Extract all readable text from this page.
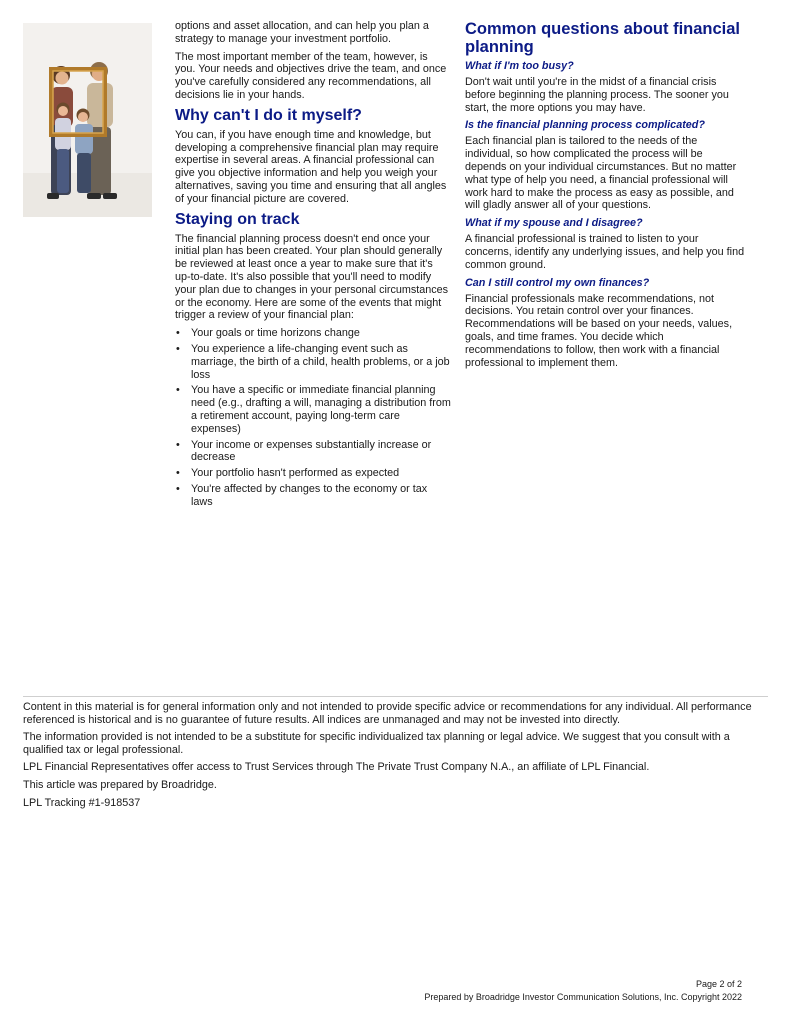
options and asset allocation, and can help you plan a strategy to manage your investment portfolio.

The most important member of the team, however, is you. Your needs and objectives drive the team, and once you've carefully considered any recommendations, all decisions lie in your hands.

Why can't I do it myself?

You can, if you have enough time and knowledge, but developing a comprehensive financial plan may require expertise in several areas. A financial professional can give you objective information and help you weigh your alternatives, saving you time and ensuring that all angles of your financial picture are covered.

Staying on track

The financial planning process doesn't end once your initial plan has been created. Your plan should generally be reviewed at least once a year to make sure that it's up-to-date. It's also possible that you'll need to modify your plan due to changes in your personal circumstances or the economy. Here are some of the events that might trigger a review of your financial plan:

• Your goals or time horizons change
• You experience a life-changing event such as marriage, the birth of a child, health problems, or a job loss
• You have a specific or immediate financial planning need (e.g., drafting a will, managing a distribution from a retirement account, paying long-term care expenses)
• Your income or expenses substantially increase or decrease
• Your portfolio hasn't performed as expected
• You're affected by changes to the economy or tax laws
Common questions about financial planning
What if I'm too busy?

Don't wait until you're in the midst of a financial crisis before beginning the planning process. The sooner you start, the more options you may have.

Is the financial planning process complicated?

Each financial plan is tailored to the needs of the individual, so how complicated the process will be depends on your individual circumstances. But no matter what type of help you need, a financial professional will work hard to make the process as easy as possible, and will gladly answer all of your questions.

What if my spouse and I disagree?

A financial professional is trained to listen to your concerns, identify any underlying issues, and help you find common ground.

Can I still control my own finances?

Financial professionals make recommendations, not decisions. You retain control over your finances. Recommendations will be based on your needs, values, goals, and time frames. You decide which recommendations to follow, then work with a financial professional to implement them.

Content in this material is for general information only and not intended to provide specific advice or recommendations for any individual. All performance referenced is historical and is no guarantee of future results. All indices are unmanaged and may not be invested into directly.

The information provided is not intended to be a substitute for specific individualized tax planning or legal advice. We suggest that you consult with a qualified tax or legal professional.

LPL Financial Representatives offer access to Trust Services through The Private Trust Company N.A., an affiliate of LPL Financial.

This article was prepared by Broadridge.

LPL Tracking #1-918537

Page 2 of 2
Prepared by Broadridge Investor Communication Solutions, Inc. Copyright 2022
